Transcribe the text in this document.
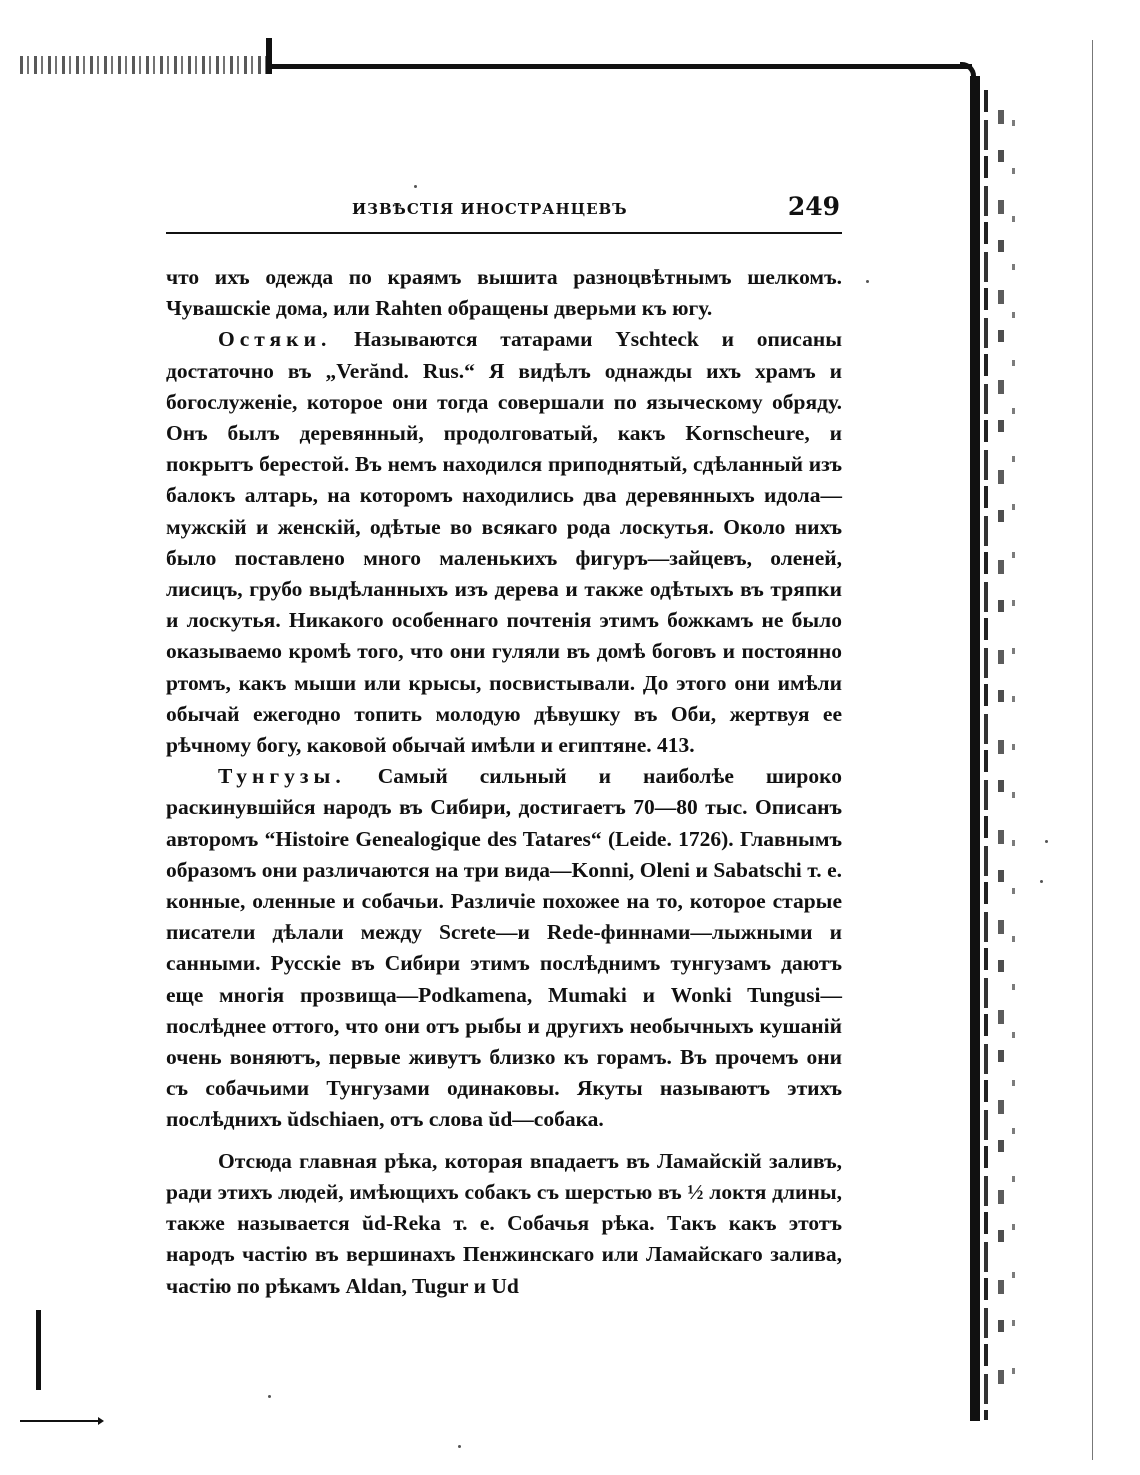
ИЗВѢСТІЯ ИНОСТРАНЦЕВЪ	249

что ихъ одежда по краямъ вышита разноцвѣтнымъ шелкомъ. Чувашскіе дома, или Rahten обращены дверьми къ югу.

Остяки. Называются татарами Yschteck и описаны достаточно въ „Verănd. Rus.“ Я видѣлъ однажды ихъ храмъ и богослуженіе, которое они тогда совершали по языческому обряду. Онъ былъ деревянный, продолговатый, какъ Kornscheure, и покрытъ берестой. Въ немъ находился приподнятый, сдѣланный изъ балокъ алтарь, на которомъ находились два деревянныхъ идола—мужскій и женскій, одѣтые во всякаго рода лоскутья. Около нихъ было поставлено много маленькихъ фигуръ—зайцевъ, оленей, лисицъ, грубо выдѣланныхъ изъ дерева и также одѣтыхъ въ тряпки и лоскутья. Никакого особеннаго почтенія этимъ божкамъ не было оказываемо кромѣ того, что они гуляли въ домѣ боговъ и постоянно ртомъ, какъ мыши или крысы, посвистывали. До этого они имѣли обычай ежегодно топить молодую дѣвушку въ Оби, жертвуя ее рѣчному богу, каковой обычай имѣли и египтяне. 413.

Тунгузы. Самый сильный и наиболѣе широко раскинувшійся народъ въ Сибири, достигаетъ 70—80 тыс. Описанъ авторомъ “Histoire Genealogique des Tatares“ (Leide. 1726). Главнымъ образомъ они различаются на три вида—Konni, Oleni и Sabatschi т. е. конные, оленные и собачьи. Различіе похожее на то, которое старые писатели дѣлали между Screte—и Rede-финнами—лыжными и санными. Русскіе въ Сибири этимъ послѣднимъ тунгузамъ даютъ еще многія прозвища—Podkamena, Mumaki и Wonki Tungusi—послѣднее оттого, что они отъ рыбы и другихъ необычныхъ кушаній очень воняютъ, первые живутъ близко къ горамъ. Въ прочемъ они съ собачьими Тунгузами одинаковы. Якуты называютъ этихъ послѣднихъ ŭdschiaen, отъ слова ŭd—собака.

Отсюда главная рѣка, которая впадаетъ въ Ламайскій заливъ, ради этихъ людей, имѣющихъ собакъ съ шерстью въ ½ локтя длины, также называется ŭd-Reka т. е. Собачья рѣка. Такъ какъ этотъ народъ частію въ вершинахъ Пенжинскаго или Ламайскаго залива, частію по рѣкамъ Aldan, Tugur и Ud
